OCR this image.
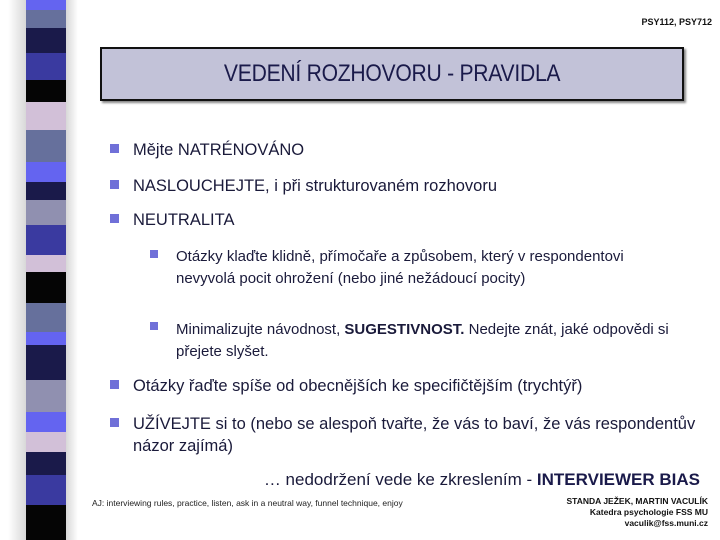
PSY112, PSY712
VEDENÍ ROZHOVORU - PRAVIDLA
Mějte NATRÉNOVÁNO
NASLOUCHEJTE, i při strukturovaném rozhovoru
NEUTRALITA
Otázky klaďte klidně, přímočaře a způsobem, který v respondentovi nevyvolá pocit ohrožení (nebo jiné nežádoucí pocity)
Minimalizujte návodnost, SUGESTIVNOST. Nedejte znát, jaké odpovědi si přejete slyšet.
Otázky řaďte spíše od obecnějších ke specifičtějším (trychtýř)
UŽÍVEJTE si to (nebo se alespoň tvařte, že vás to baví, že vás respondentův názor zajímá)
… nedodržení vede ke zkreslením - INTERVIEWER BIAS
AJ: interviewing rules, practice, listen, ask in a neutral way, funnel technique, enjoy	STANDA JEŽEK, MARTIN VACULÍK
Katedra psychologie FSS MU
vaculik@fss.muni.cz
